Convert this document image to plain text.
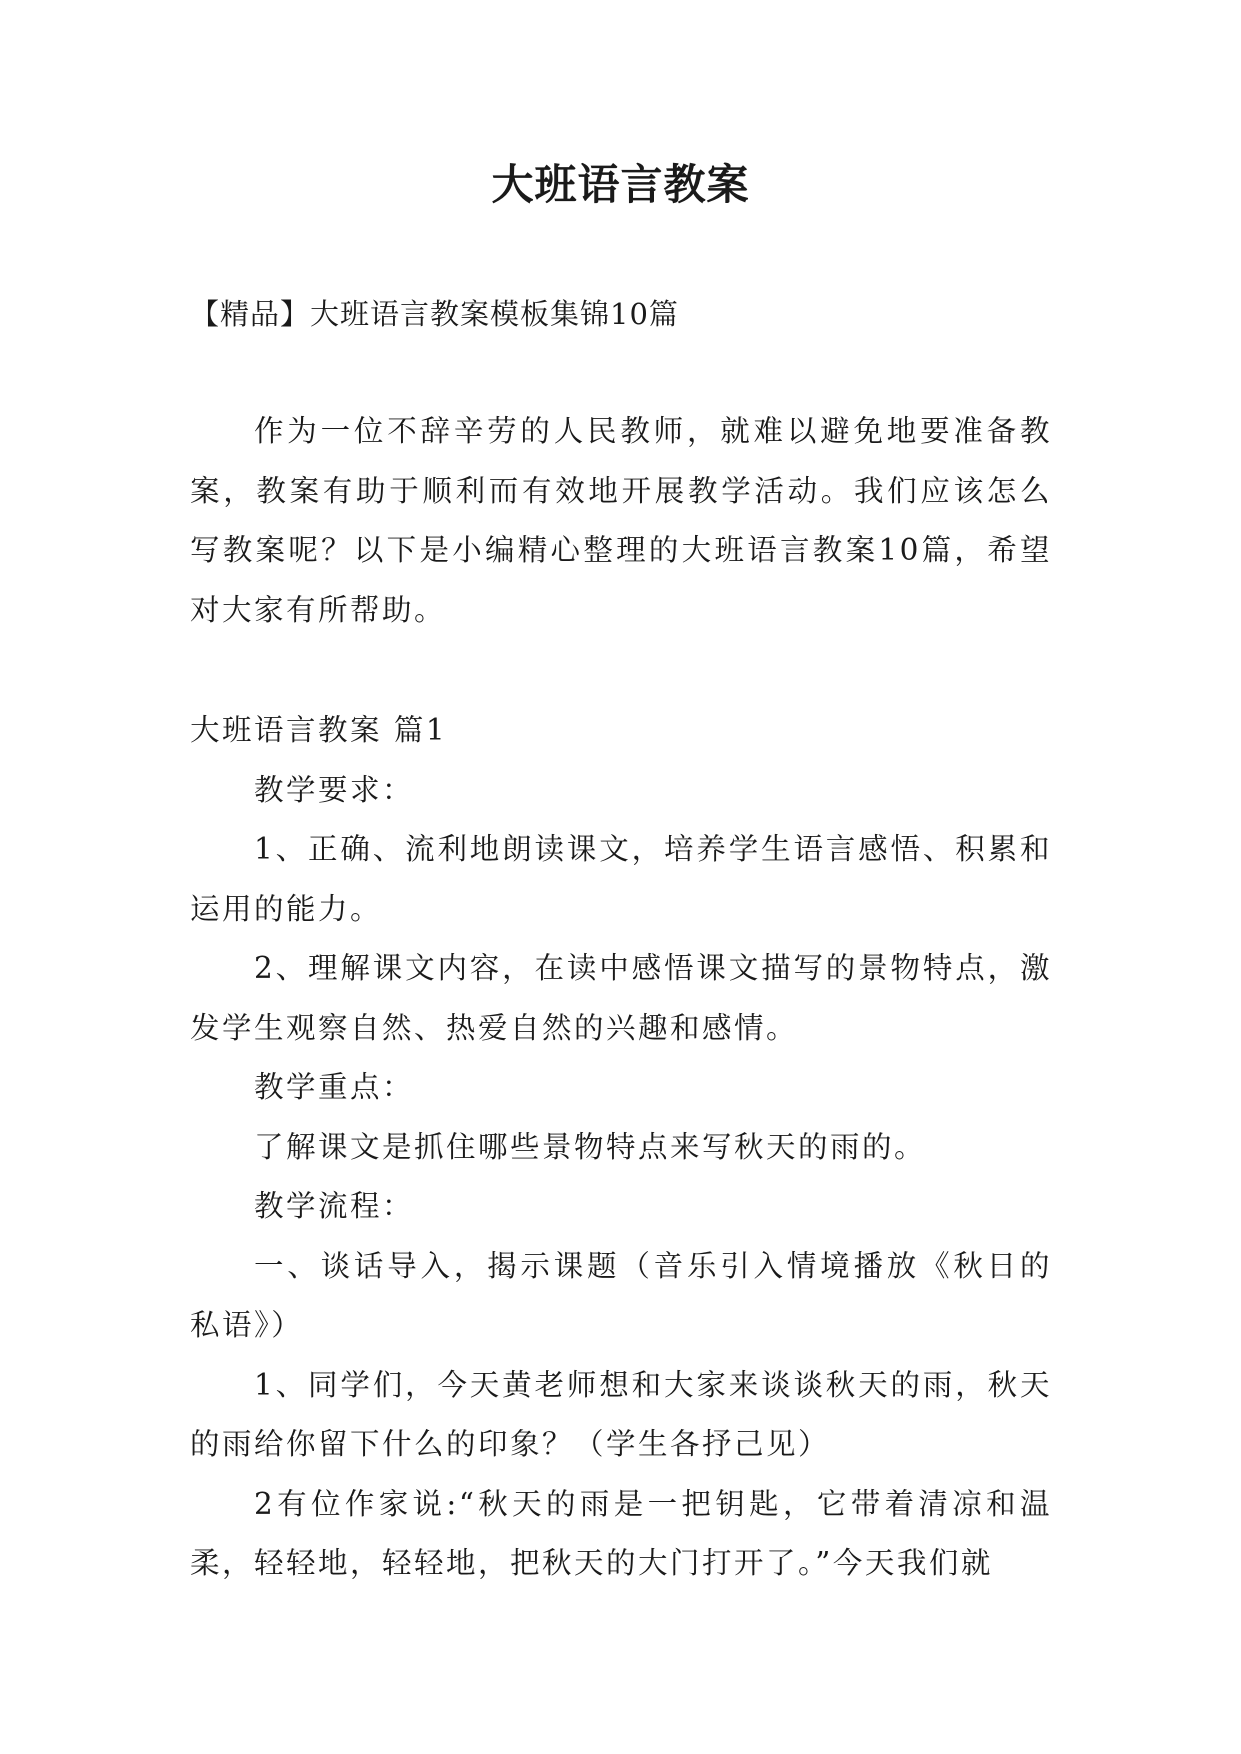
大班语言教案
【精品】大班语言教案模板集锦10篇

作为一位不辞辛劳的人民教师，就难以避免地要准备教案，教案有助于顺利而有效地开展教学活动。我们应该怎么写教案呢？以下是小编精心整理的大班语言教案10篇，希望对大家有所帮助。

大班语言教案 篇1

教学要求：

1、正确、流利地朗读课文，培养学生语言感悟、积累和运用的能力。

2、理解课文内容，在读中感悟课文描写的景物特点，激发学生观察自然、热爱自然的兴趣和感情。

教学重点：

了解课文是抓住哪些景物特点来写秋天的雨的。

教学流程：

一、谈话导入，揭示课题（音乐引入情境播放《秋日的私语》）

1、同学们，今天黄老师想和大家来谈谈秋天的雨，秋天的雨给你留下什么的印象？（学生各抒己见）

2有位作家说:“秋天的雨是一把钥匙，它带着清凉和温柔，轻轻地，轻轻地，把秋天的大门打开了。”今天我们就
